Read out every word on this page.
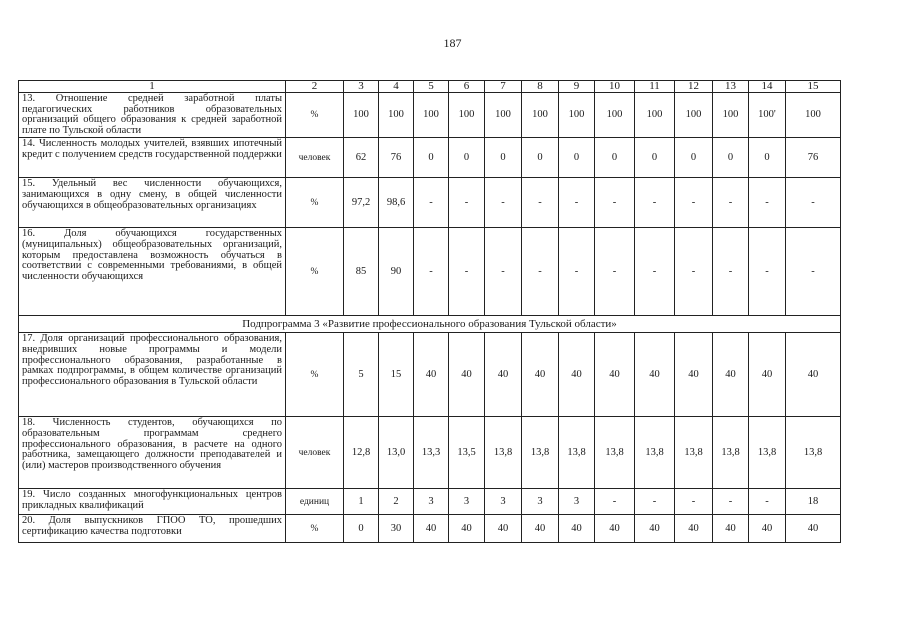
187
1	2	3	4	5	6	7	8	9	10	11	12	13	14	15
13. Отношение средней заработной платы педагогических работников образовательных организаций общего образования к средней заработной плате по Тульской области	%	100	100	100	100	100	100	100	100	100	100	100	100'	100
14. Численность молодых учителей, взявших ипотечный кредит с получением средств государственной поддержки	человек	62	76	0	0	0	0	0	0	0	0	0	0	76
15. Удельный вес численности обучающихся, занимающихся в одну смену, в общей численности обучающихся в общеобразовательных организациях	%	97,2	98,6	-	-	-	-	-	-	-	-	-	-	-
16. Доля обучающихся государственных (муниципальных) общеобразовательных организаций, которым предоставлена возможность обучаться в соответствии с современными требованиями, в общей численности обучающихся	%	85	90	-	-	-	-	-	-	-	-	-	-	-
Подпрограмма 3 «Развитие профессионального образования Тульской области»														
17. Доля организаций профессионального образования, внедривших новые программы и модели профессионального образования, разработанные в рамках подпрограммы, в общем количестве организаций профессионального образования в Тульской области	%	5	15	40	40	40	40	40	40	40	40	40	40	40
18. Численность студентов, обучающихся по образовательным программам среднего профессионального образования, в расчете на одного работника, замещающего должности преподавателей и (или) мастеров производственного обучения	человек	12,8	13,0	13,3	13,5	13,8	13,8	13,8	13,8	13,8	13,8	13,8	13,8	13,8
19. Число созданных многофункциональных центров прикладных квалификаций	единиц	1	2	3	3	3	3	3	-	-	-	-	-	18
20. Доля выпускников ГПОО ТО, прошедших сертификацию качества подготовки	%	0	30	40	40	40	40	40	40	40	40	40	40	40
